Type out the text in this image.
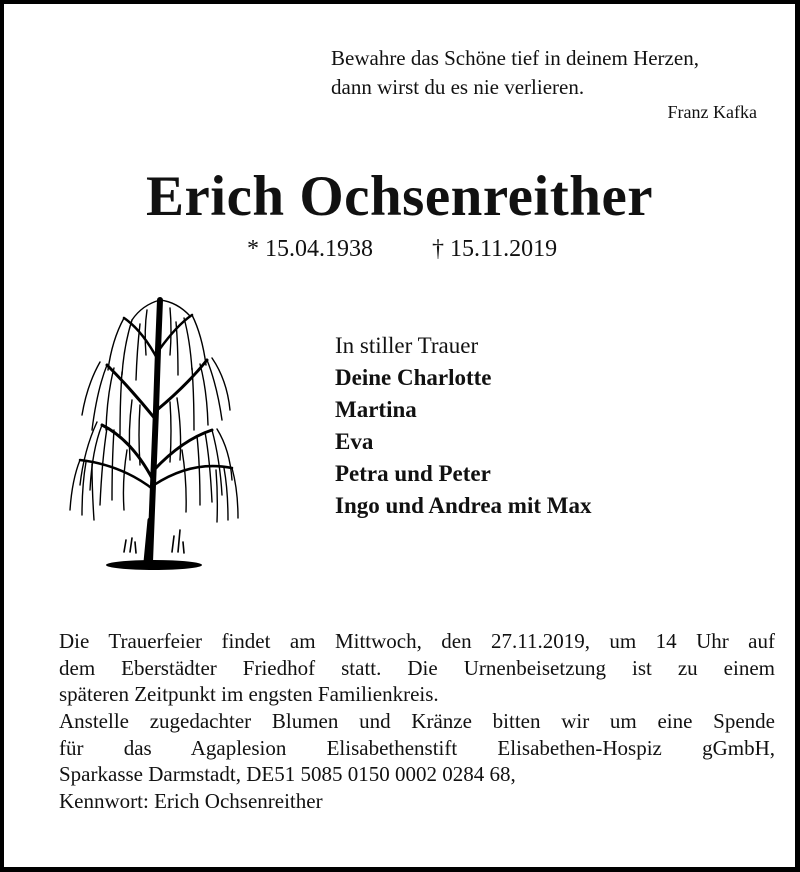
Bewahre das Schöne tief in deinem Herzen,
dann wirst du es nie verlieren.
Franz Kafka
Erich Ochsenreither
* 15.04.1938 † 15.11.2019
In stiller Trauer
Deine Charlotte
Martina
Eva
Petra und Peter
Ingo und Andrea mit Max
Die Trauerfeier findet am Mittwoch, den 27.11.2019, um 14 Uhr auf
dem Eberstädter Friedhof statt. Die Urnenbeisetzung ist zu einem
späteren Zeitpunkt im engsten Familienkreis.
Anstelle zugedachter Blumen und Kränze bitten wir um eine Spende
für das Agaplesion Elisabethenstift Elisabethen-Hospiz gGmbH,
Sparkasse Darmstadt, DE51 5085 0150 0002 0284 68,
Kennwort: Erich Ochsenreither
